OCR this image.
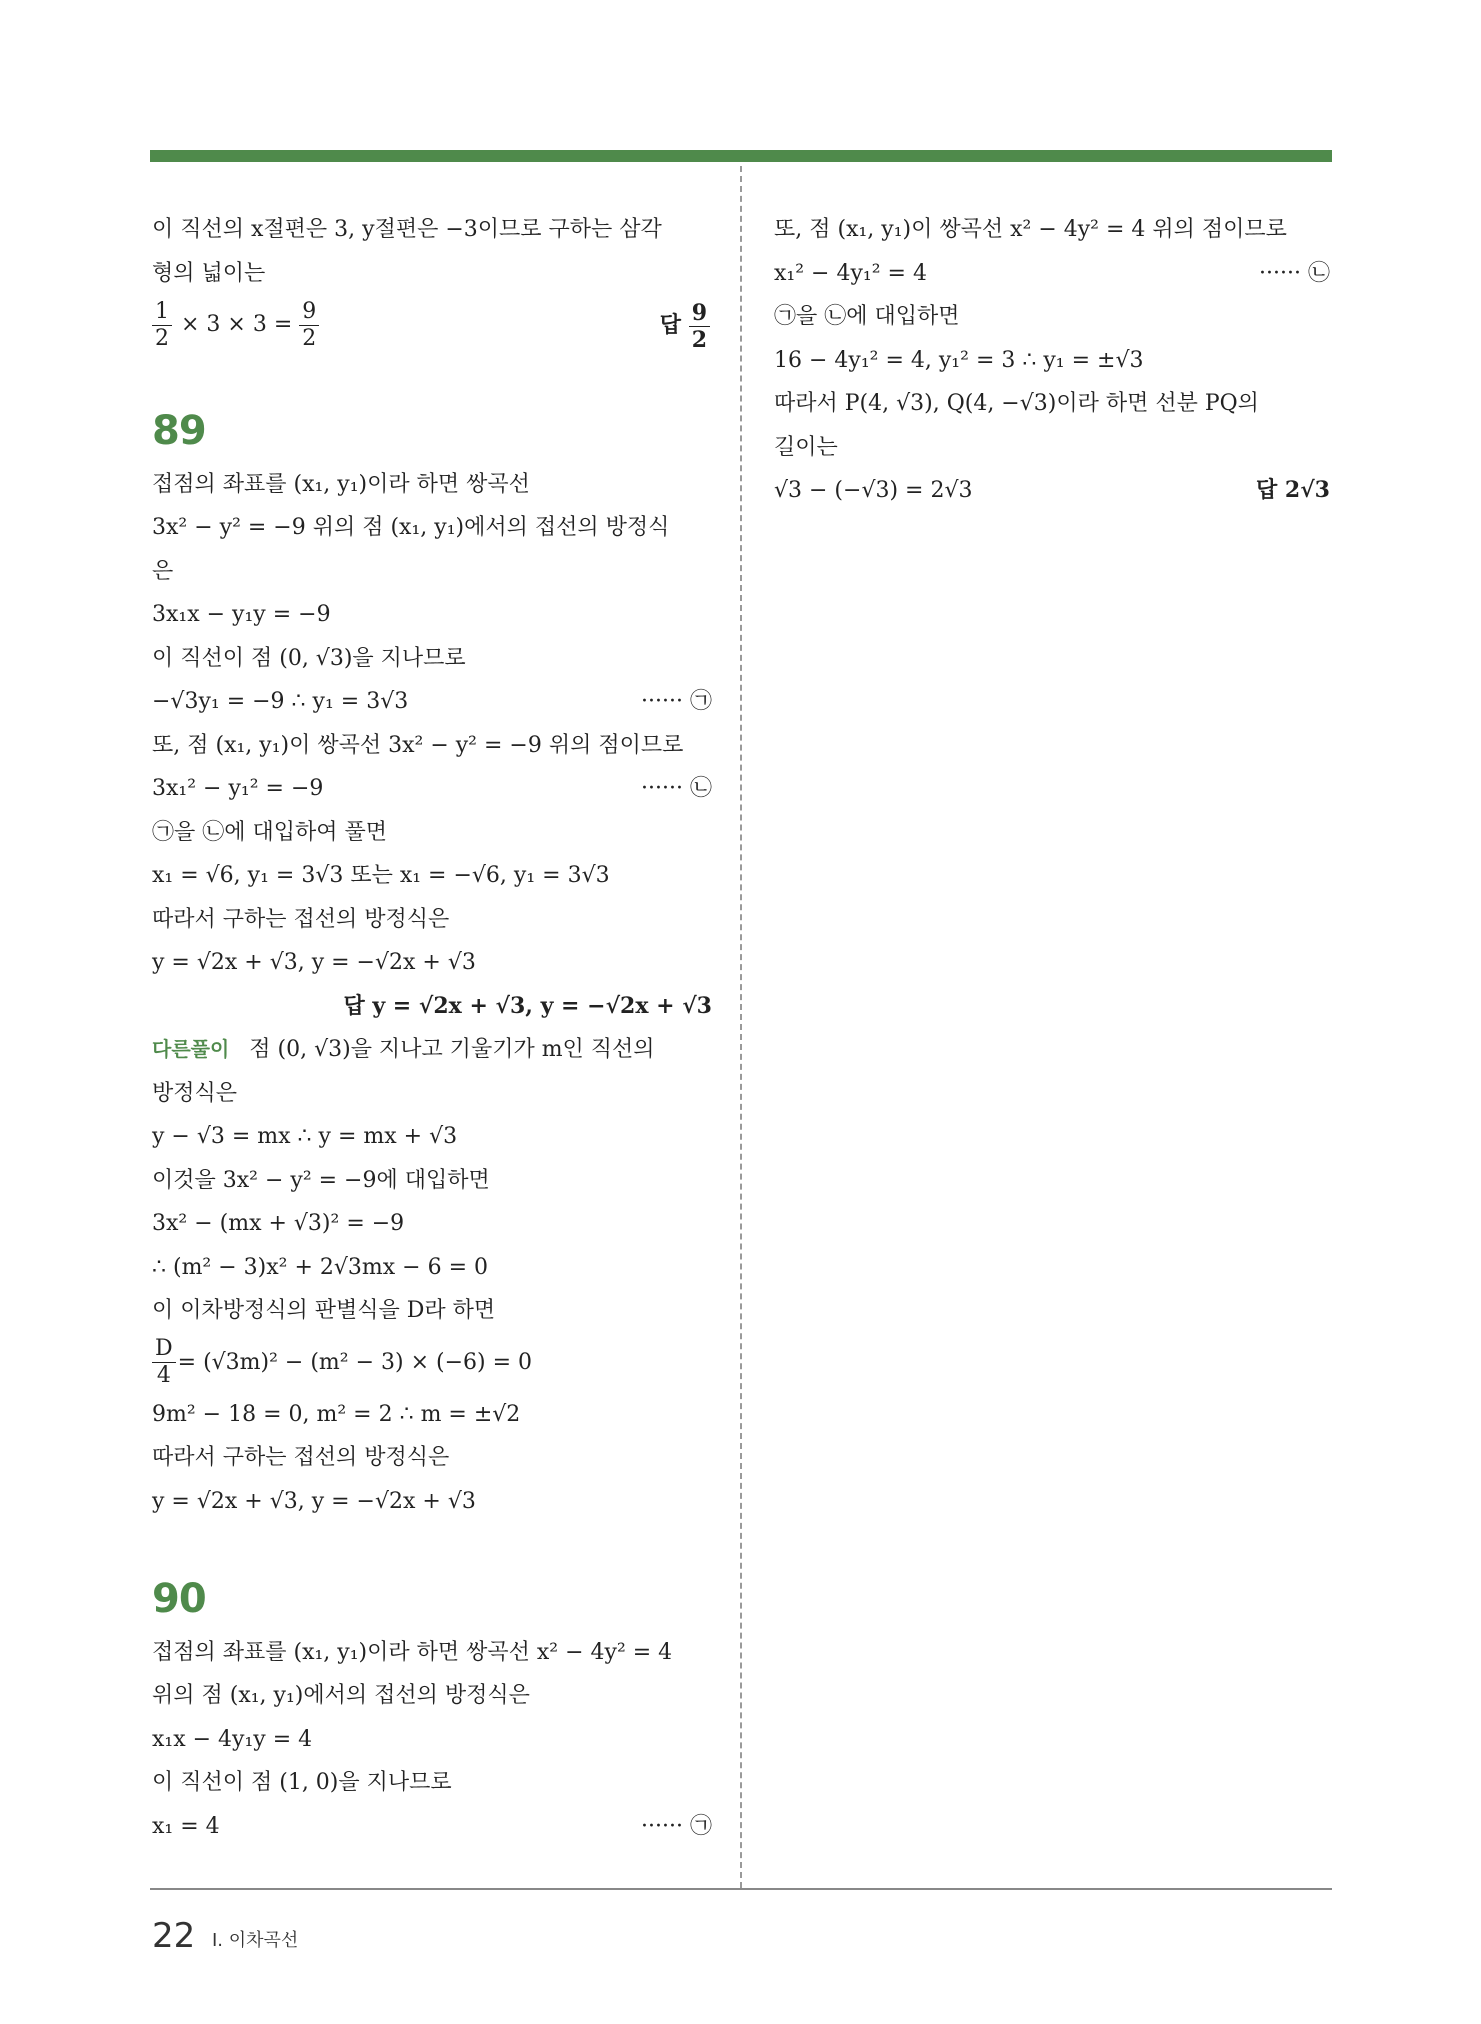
이 직선의 x절편은 3, y절편은 −3이므로 구하는 삼각
형의 넓이는
$\frac{1}{2} \times 3 \times 3 = \frac{9}{2}$	답 $\frac{9}{2}$
89
접점의 좌표를 (x₁, y₁)이라 하면 쌍곡선
3x² − y² = −9 위의 점 (x₁, y₁)에서의 접선의 방정식
은
3x₁x − y₁y = −9
이 직선이 점 (0, √3)을 지나므로
−√3y₁ = −9 ∴ y₁ = 3√3	······ ㉠
또, 점 (x₁, y₁)이 쌍곡선 3x² − y² = −9 위의 점이므로
3x₁² − y₁² = −9	······ ㉡
㉠을 ㉡에 대입하여 풀면
x₁ = √6, y₁ = 3√3 또는 x₁ = −√6, y₁ = 3√3
따라서 구하는 접선의 방정식은
y = √2x + √3, y = −√2x + √3
답 y = √2x + √3, y = −√2x + √3
다른풀이 점 (0, √3)을 지나고 기울기가 m인 직선의
방정식은
y − √3 = mx ∴ y = mx + √3
이것을 3x² − y² = −9에 대입하면
3x² − (mx + √3)² = −9
∴ (m² − 3)x² + 2√3mx − 6 = 0
이 이차방정식의 판별식을 D라 하면
$\frac{D}{4} = (√3m)^2 - (m^2 - 3) \times (-6) = 0$
9m² − 18 = 0, m² = 2 ∴ m = ±√2
따라서 구하는 접선의 방정식은
y = √2x + √3, y = −√2x + √3
90
접점의 좌표를 (x₁, y₁)이라 하면 쌍곡선 x² − 4y² = 4
위의 점 (x₁, y₁)에서의 접선의 방정식은
x₁x − 4y₁y = 4
이 직선이 점 (1, 0)을 지나므로
x₁ = 4	······ ㉠
또, 점 (x₁, y₁)이 쌍곡선 x² − 4y² = 4 위의 점이므로
x₁² − 4y₁² = 4	······ ㉡
㉠을 ㉡에 대입하면
16 − 4y₁² = 4, y₁² = 3 ∴ y₁ = ±√3
따라서 P(4, √3), Q(4, −√3)이라 하면 선분 PQ의
길이는
√3 − (−√3) = 2√3	답 2√3
22 Ⅰ. 이차곡선
